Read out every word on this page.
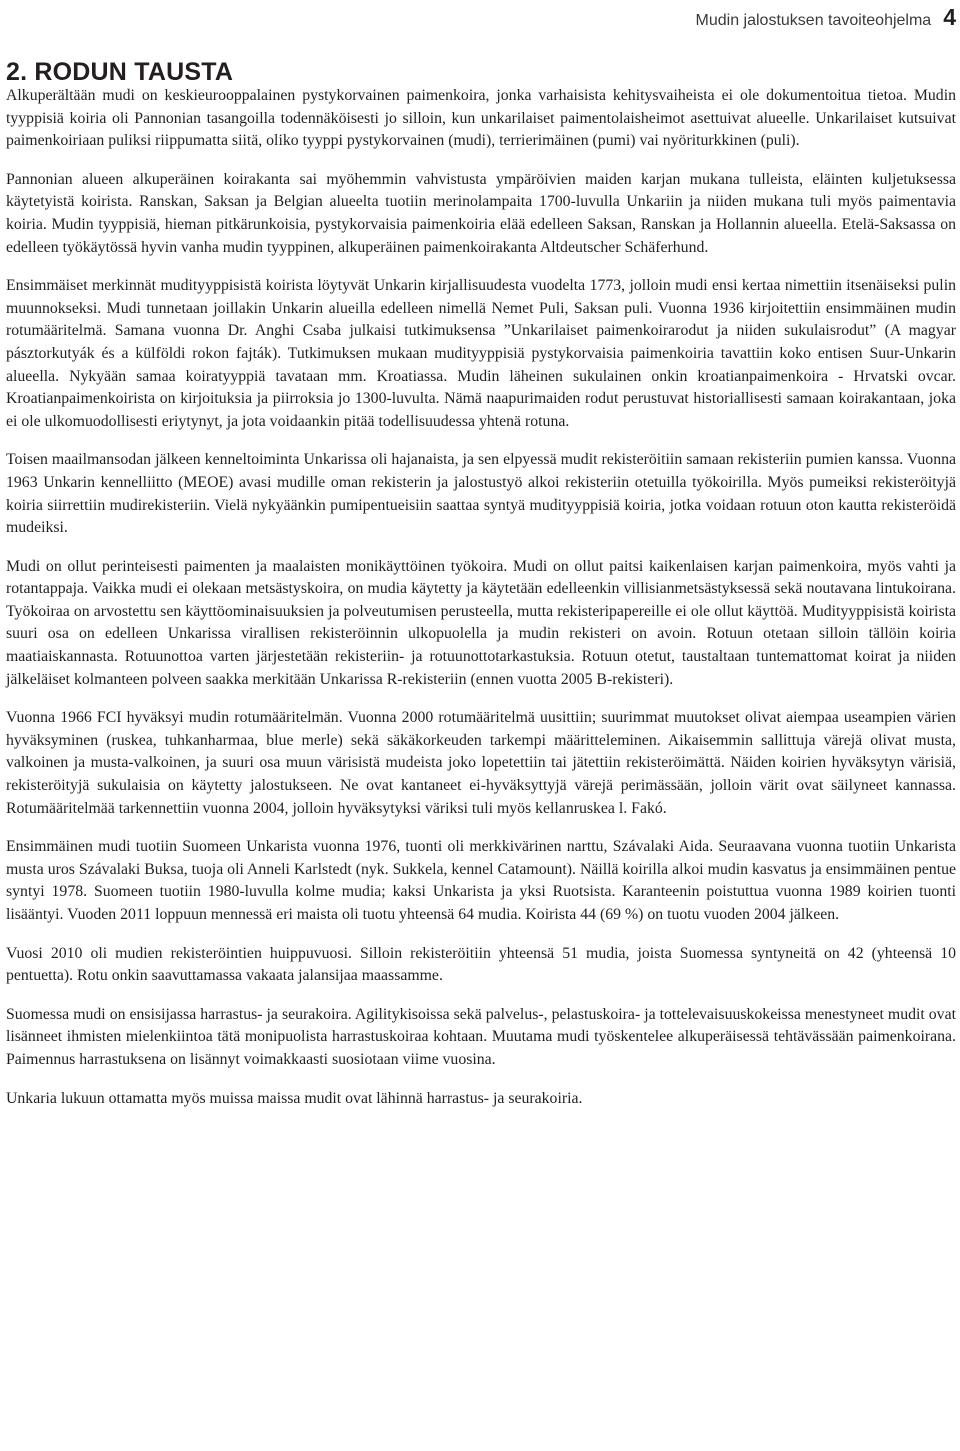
Mudin jalostuksen tavoiteohjelma 4
2. RODUN TAUSTA

Alkuperältään mudi on keskieurooppalainen pystykorvainen paimenkoira, jonka varhaisista kehitysvaiheista ei ole dokumentoitua tietoa. Mudin tyyppisiä koiria oli Pannonian tasangoilla todennäköisesti jo silloin, kun unkarilaiset paimentolaisheimot asettuivat alueelle. Unkarilaiset kutsuivat paimenkoiriaan puliksi riippumatta siitä, oliko tyyppi pystykorvainen (mudi), terrierimäinen (pumi) vai nyöriturkkinen (puli).

Pannonian alueen alkuperäinen koirakanta sai myöhemmin vahvistusta ympäröivien maiden karjan mukana tulleista, eläinten kuljetuksessa käytetyistä koirista. Ranskan, Saksan ja Belgian alueelta tuotiin merinolampaita 1700-luvulla Unkariin ja niiden mukana tuli myös paimentavia koiria. Mudin tyyppisiä, hieman pitkärunkoisia, pystykorvaisia paimenkoiria elää edelleen Saksan, Ranskan ja Hollannin alueella. Etelä-Saksassa on edelleen työkäytössä hyvin vanha mudin tyyppinen, alkuperäinen paimenkoirakanta Altdeutscher Schäferhund.

Ensimmäiset merkinnät mudityyppisistä koirista löytyvät Unkarin kirjallisuudesta vuodelta 1773, jolloin mudi ensi kertaa nimettiin itsenäiseksi pulin muunnokseksi. Mudi tunnetaan joillakin Unkarin alueilla edelleen nimellä Nemet Puli, Saksan puli. Vuonna 1936 kirjoitettiin ensimmäinen mudin rotumääritelmä. Samana vuonna Dr. Anghi Csaba julkaisi tutkimuksensa ”Unkarilaiset paimenkoirarodut ja niiden sukulaisrodut” (A magyar pásztorkutyák és a külföldi rokon fajták). Tutkimuksen mukaan mudityyppisiä pystykorvaisia paimenkoiria tavattiin koko entisen Suur-Unkarin alueella. Nykyään samaa koiratyyppiä tavataan mm. Kroatiassa. Mudin läheinen sukulainen onkin kroatianpaimenkoira - Hrvatski ovcar. Kroatianpaimenkoirista on kirjoituksia ja piirroksia jo 1300-luvulta. Nämä naapurimaiden rodut perustuvat historiallisesti samaan koirakantaan, joka ei ole ulkomuodollisesti eriytynyt, ja jota voidaankin pitää todellisuudessa yhtenä rotuna.

Toisen maailmansodan jälkeen kenneltoiminta Unkarissa oli hajanaista, ja sen elpyessä mudit rekisteröitiin samaan rekisteriin pumien kanssa. Vuonna 1963 Unkarin kennelliitto (MEOE) avasi mudille oman rekisterin ja jalostustyö alkoi rekisteriin otetuilla työkoirilla. Myös pumeiksi rekisteröityjä koiria siirrettiin mudirekisteriin. Vielä nykyäänkin pumipentueisiin saattaa syntyä mudityyppisiä koiria, jotka voidaan rotuun oton kautta rekisteröidä mudeiksi.

Mudi on ollut perinteisesti paimenten ja maalaisten monikäyttöinen työkoira. Mudi on ollut paitsi kaikenlaisen karjan paimenkoira, myös vahti ja rotantappaja. Vaikka mudi ei olekaan metsästyskoira, on mudia käytetty ja käytetään edelleenkin villisianmetsästyksessä sekä noutavana lintukoirana. Työkoiraa on arvostettu sen käyttöominaisuuksien ja polveutumisen perusteella, mutta rekisteripapereille ei ole ollut käyttöä. Mudityyppisistä koirista suuri osa on edelleen Unkarissa virallisen rekisteröinnin ulkopuolella ja mudin rekisteri on avoin. Rotuun otetaan silloin tällöin koiria maatiaiskannasta. Rotuunottoa varten järjestetään rekisteriin- ja rotuunottotarkastuksia. Rotuun otetut, taustaltaan tuntemattomat koirat ja niiden jälkeläiset kolmanteen polveen saakka merkitään Unkarissa R-rekisteriin (ennen vuotta 2005 B-rekisteri).

Vuonna 1966 FCI hyväksyi mudin rotumääritelmän. Vuonna 2000 rotumääritelmä uusittiin; suurimmat muutokset olivat aiempaa useampien värien hyväksyminen (ruskea, tuhkanharmaa, blue merle) sekä säkäkorkeuden tarkempi määritteleminen. Aikaisemmin sallittuja värejä olivat musta, valkoinen ja musta-valkoinen, ja suuri osa muun värisistä mudeista joko lopetettiin tai jätettiin rekisteröimättä. Näiden koirien hyväksytyn värisiä, rekisteröityjä sukulaisia on käytetty jalostukseen. Ne ovat kantaneet ei-hyväksyttyjä värejä perimässään, jolloin värit ovat säilyneet kannassa. Rotumääritelmää tarkennettiin vuonna 2004, jolloin hyväksytyksi väriksi tuli myös kellanruskea l. Fakó.

Ensimmäinen mudi tuotiin Suomeen Unkarista vuonna 1976, tuonti oli merkkivärinen narttu, Szávalaki Aida. Seuraavana vuonna tuotiin Unkarista musta uros Szávalaki Buksa, tuoja oli Anneli Karlstedt (nyk. Sukkela, kennel Catamount). Näillä koirilla alkoi mudin kasvatus ja ensimmäinen pentue syntyi 1978. Suomeen tuotiin 1980-luvulla kolme mudia; kaksi Unkarista ja yksi Ruotsista. Karanteenin poistuttua vuonna 1989 koirien tuonti lisääntyi. Vuoden 2011 loppuun mennessä eri maista oli tuotu yhteensä 64 mudia. Koirista 44 (69 %) on tuotu vuoden 2004 jälkeen.

Vuosi 2010 oli mudien rekisteröintien huippuvuosi. Silloin rekisteröitiin yhteensä 51 mudia, joista Suomessa syntyneitä on 42 (yhteensä 10 pentuetta). Rotu onkin saavuttamassa vakaata jalansijaa maassamme.

Suomessa mudi on ensisijassa harrastus- ja seurakoira. Agilitykisoissa sekä palvelus-, pelastuskoira- ja tottelevaisuuskokeissa menestyneet mudit ovat lisänneet ihmisten mielenkiintoa tätä monipuolista harrastuskoiraa kohtaan. Muutama mudi työskentelee alkuperäisessä tehtävässään paimenkoirana. Paimennus harrastuksena on lisännyt voimakkaasti suosiotaan viime vuosina.

Unkaria lukuun ottamatta myös muissa maissa mudit ovat lähinnä harrastus- ja seurakoiria.
